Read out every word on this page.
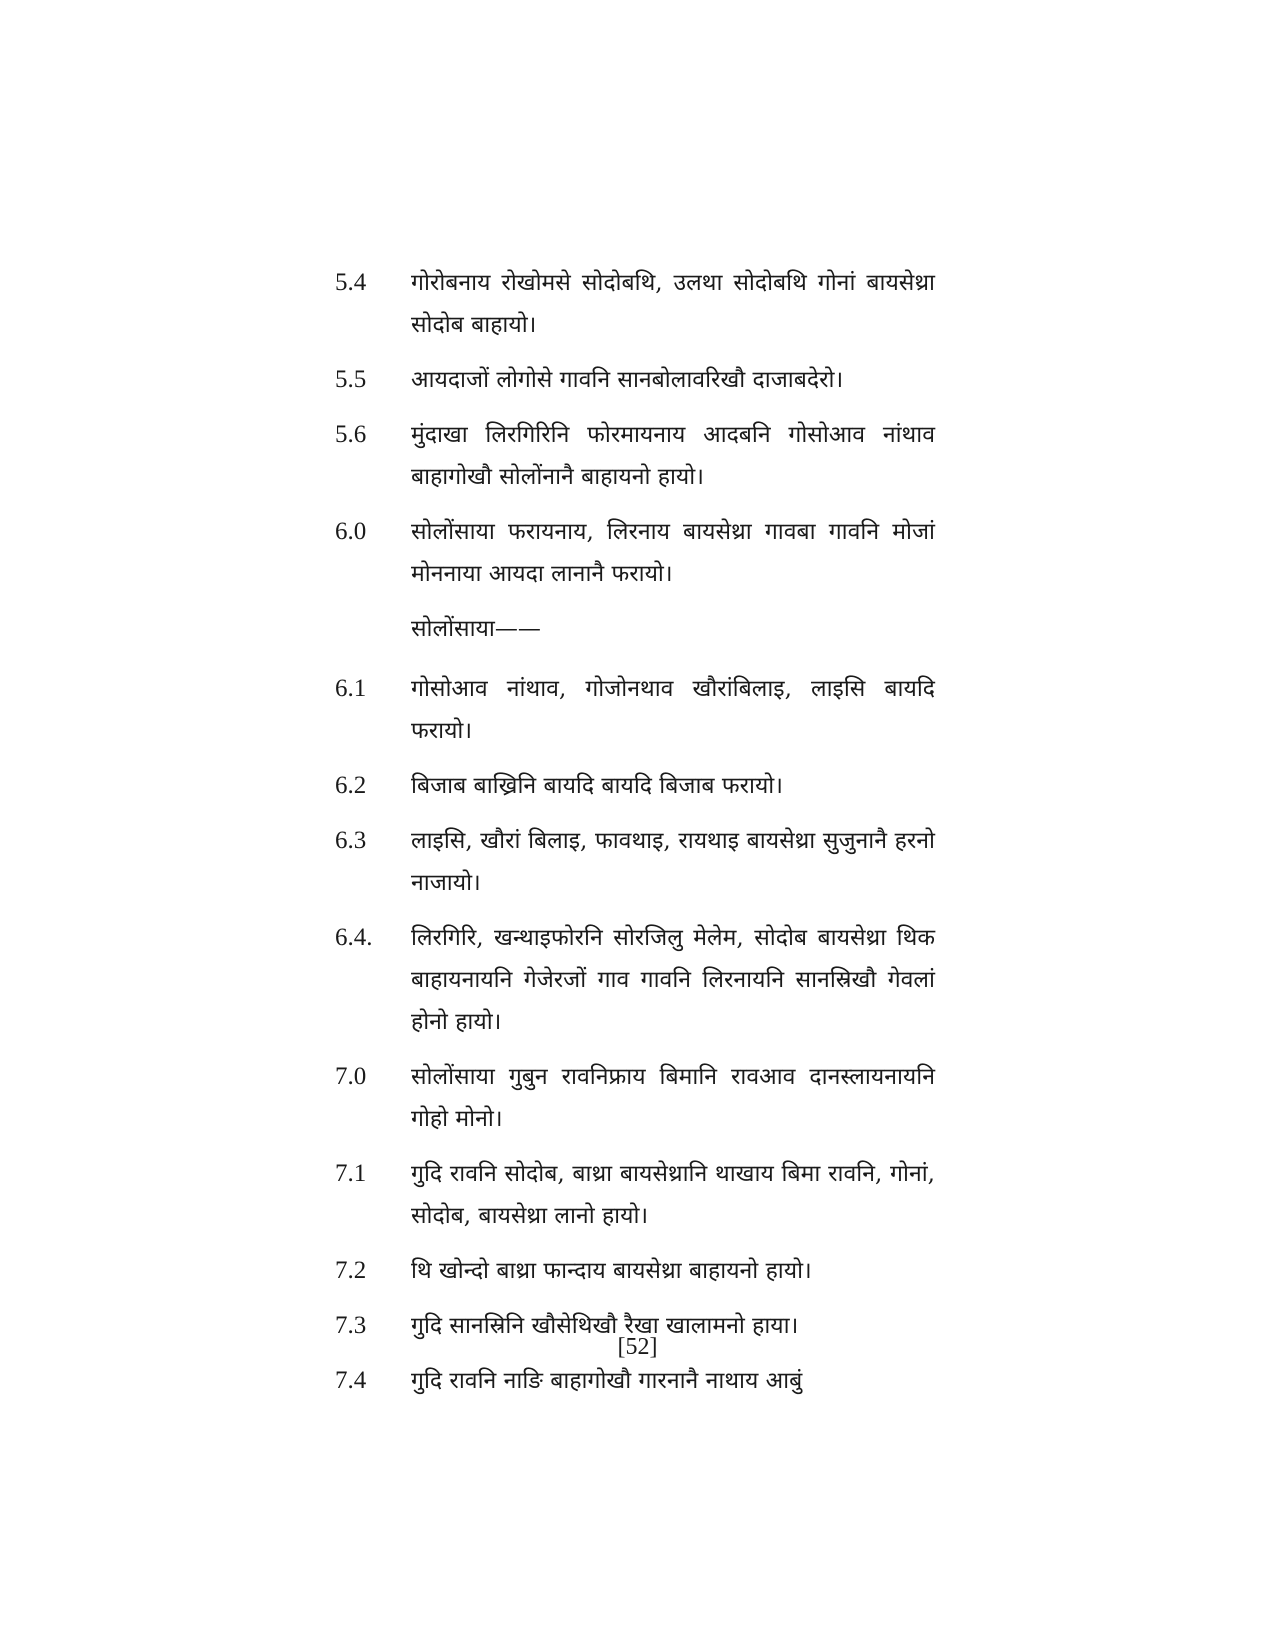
5.4	गोरोबनाय रोखोमसे सोदोबथि, उलथा सोदोबथि गोनां बायसेथ्रा सोदोब बाहायो।
5.5	आयदाजों लोगोसे गावनि सानबोलावरिखौ दाजाबदेरो।
5.6	मुंदाखा लिरगिरिनि फोरमायनाय आदबनि गोसोआव नांथाव बाहागोखौ सोलोंनानै बाहायनो हायो।
6.0	सोलोंसाया फरायनाय, लिरनाय बायसेथ्रा गावबा गावनि मोजां मोननाया आयदा लानानै फरायो।
सोलोंसाया——
6.1	गोसोआव नांथाव, गोजोनथाव खौरांबिलाइ, लाइसि बायदि फरायो।
6.2	बिजाब बाख्रिनि बायदि बायदि बिजाब फरायो।
6.3	लाइसि, खौरां बिलाइ, फावथाइ, रायथाइ बायसेथ्रा सुजुनानै हरनो नाजायो।
6.4.	लिरगिरि, खन्थाइफोरनि सोरजिलु मेलेम, सोदोब बायसेथ्रा थिक बाहायनायनि गेजेरजों गाव गावनि लिरनायनि सानस्रिखौ गेवलां होनो हायो।
7.0	सोलोंसाया गुबुन रावनिफ्राय बिमानि रावआव दानस्लायनायनि गोहो मोनो।
7.1	गुदि रावनि सोदोब, बाथ्रा बायसेथ्रानि थाखाय बिमा रावनि, गोनां, सोदोब, बायसेथ्रा लानो हायो।
7.2	थि खोन्दो बाथ्रा फान्दाय बायसेथ्रा बाहायनो हायो।
7.3	गुदि सानस्रिनि खौसेथिखौ रैखा खालामनो हाया।
7.4	गुदि रावनि नाङि बाहागोखौ गारनानै नाथाय आबुं
[52]
